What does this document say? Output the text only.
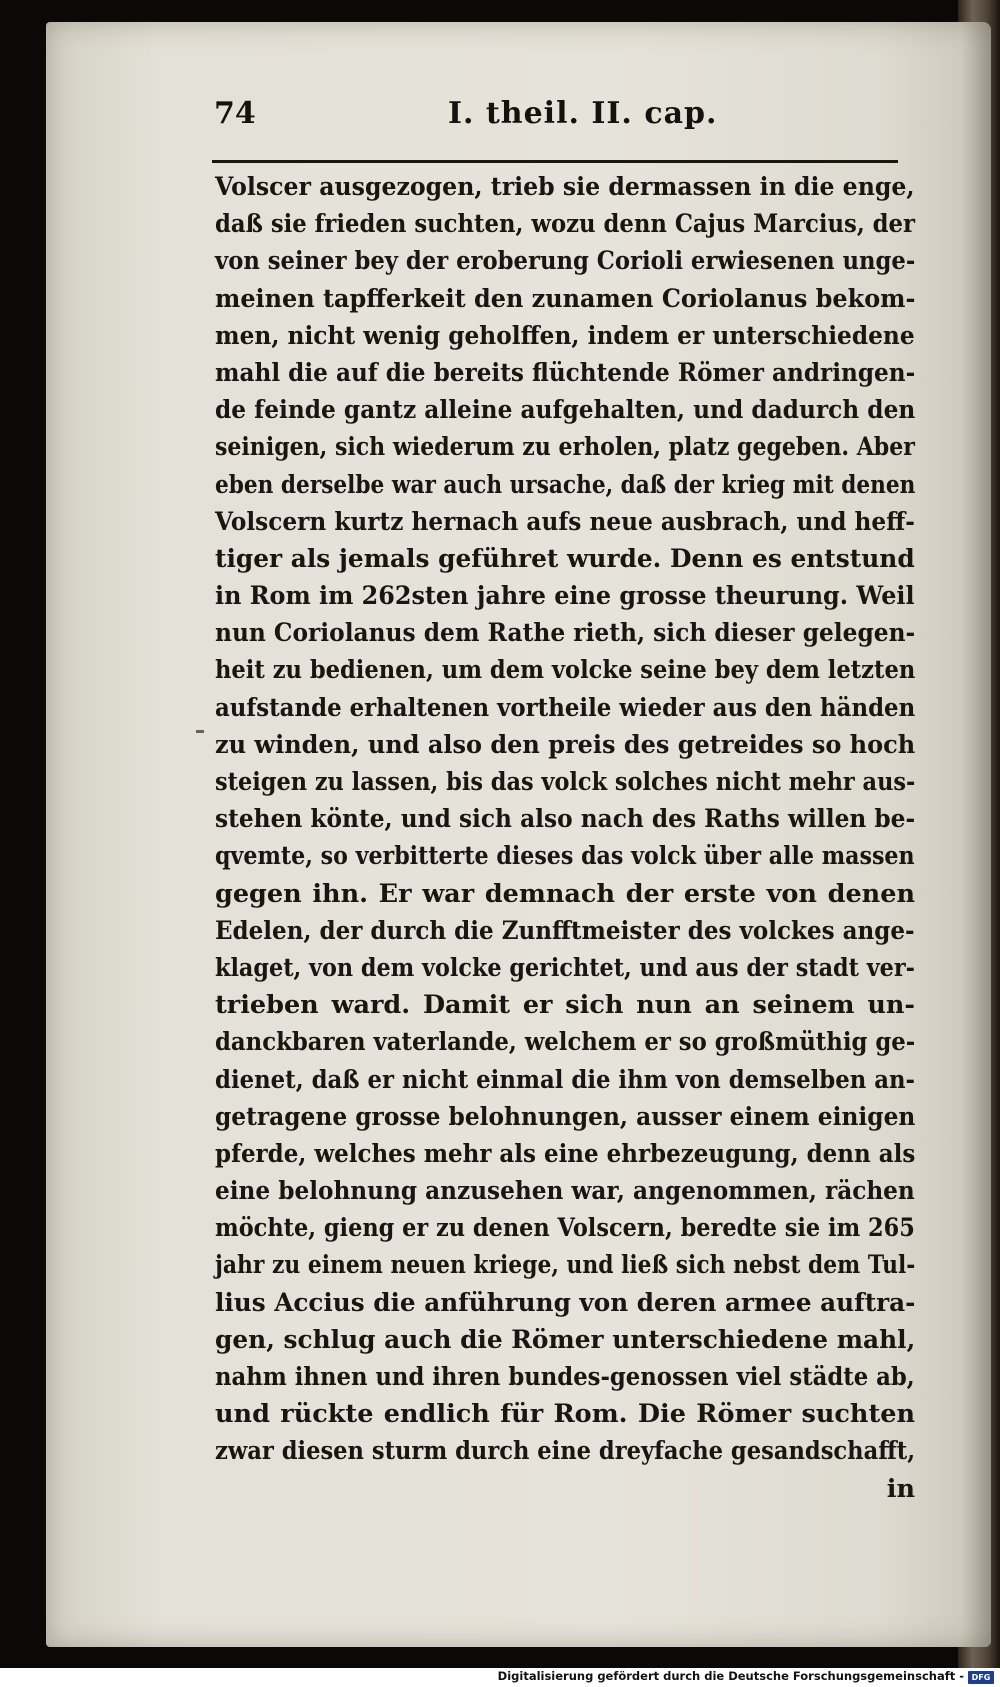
74	I. theil. II. cap.
Volscer ausgezogen, trieb sie dermassen in die enge,
daß sie frieden suchten, wozu denn Cajus Marcius, der
von seiner bey der eroberung Corioli erwiesenen unge-
meinen tapfferkeit den zunamen Coriolanus bekom-
men, nicht wenig geholffen, indem er unterschiedene
mahl die auf die bereits flüchtende Römer andringen-
de feinde gantz alleine aufgehalten, und dadurch den
seinigen, sich wiederum zu erholen, platz gegeben. Aber
eben derselbe war auch ursache, daß der krieg mit denen
Volscern kurtz hernach aufs neue ausbrach, und heff-
tiger als jemals geführet wurde. Denn es entstund
in Rom im 262sten jahre eine grosse theurung. Weil
nun Coriolanus dem Rathe rieth, sich dieser gelegen-
heit zu bedienen, um dem volcke seine bey dem letzten
aufstande erhaltenen vortheile wieder aus den händen
zu winden, und also den preis des getreides so hoch
steigen zu lassen, bis das volck solches nicht mehr aus-
stehen könte, und sich also nach des Raths willen be-
qvemte, so verbitterte dieses das volck über alle massen
gegen ihn. Er war demnach der erste von denen
Edelen, der durch die Zunfftmeister des volckes ange-
klaget, von dem volcke gerichtet, und aus der stadt ver-
trieben ward. Damit er sich nun an seinem un-
danckbaren vaterlande, welchem er so großmüthig ge-
dienet, daß er nicht einmal die ihm von demselben an-
getragene grosse belohnungen, ausser einem einigen
pferde, welches mehr als eine ehrbezeugung, denn als
eine belohnung anzusehen war, angenommen, rächen
möchte, gieng er zu denen Volscern, beredte sie im 265
jahr zu einem neuen kriege, und ließ sich nebst dem Tul-
lius Accius die anführung von deren armee auftra-
gen, schlug auch die Römer unterschiedene mahl,
nahm ihnen und ihren bundes-genossen viel städte ab,
und rückte endlich für Rom. Die Römer suchten
zwar diesen sturm durch eine dreyfache gesandschafft,
in
Digitalisierung gefördert durch die Deutsche Forschungsgemeinschaft - DFG
